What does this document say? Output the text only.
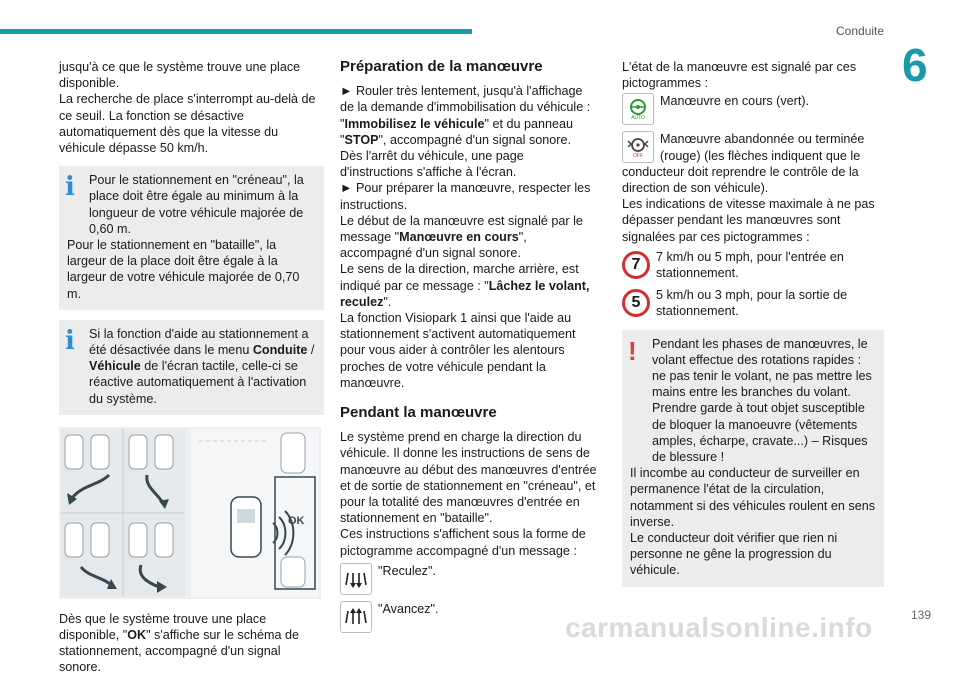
Conduite
6

jusqu'à ce que le système trouve une place disponible.

La recherche de place s'interrompt au-delà de ce seuil. La fonction se désactive automatiquement dès que la vitesse du véhicule dépasse 50 km/h.

i	Pour le stationnement en "créneau", la place doit être égale au minimum à la longueur de votre véhicule majorée de 0,60 m.

Pour le stationnement en "bataille", la largeur de la place doit être égale à la largeur de votre véhicule majorée de 0,70 m.

i	Si la fonction d'aide au stationnement a été désactivée dans le menu Conduite / Véhicule de l'écran tactile, celle-ci se réactive automatiquement à l'activation du système.

OK

Dès que le système trouve une place disponible, "OK" s'affiche sur le schéma de stationnement, accompagné d'un signal sonore.

Préparation de la manœuvre

► Rouler très lentement, jusqu'à l'affichage de la demande d'immobilisation du véhicule : "Immobilisez le véhicule" et du panneau "STOP", accompagné d'un signal sonore.

Dès l'arrêt du véhicule, une page d'instructions s'affiche à l'écran.

► Pour préparer la manœuvre, respecter les instructions.

Le début de la manœuvre est signalé par le message "Manœuvre en cours", accompagné d'un signal sonore.

Le sens de la direction, marche arrière, est indiqué par ce message : "Lâchez le volant, reculez".

La fonction Visiopark 1 ainsi que l'aide au stationnement s'activent automatiquement pour vous aider à contrôler les alentours proches de votre véhicule pendant la manœuvre.

Pendant la manœuvre

Le système prend en charge la direction du véhicule. Il donne les instructions de sens de manœuvre au début des manœuvres d'entrée et de sortie de stationnement en "créneau", et pour la totalité des manœuvres d'entrée en stationnement en "bataille".

Ces instructions s'affichent sous la forme de pictogramme accompagné d'un message :

"Reculez".
"Avancez".

L'état de la manœuvre est signalé par ces pictogrammes :

AUTO
Manœuvre en cours (vert).
OFF
Manœuvre abandonnée ou terminée (rouge) (les flèches indiquent que le

conducteur doit reprendre le contrôle de la direction de son véhicule).

Les indications de vitesse maximale à ne pas dépasser pendant les manœuvres sont signalées par ces pictogrammes :

7	7 km/h ou 5 mph, pour l'entrée en stationnement.
5	5 km/h ou 3 mph, pour la sortie de stationnement.
!	Pendant les phases de manœuvres, le volant effectue des rotations rapides : ne pas tenir le volant, ne pas mettre les mains entre les branches du volant. Prendre garde à tout objet susceptible de bloquer la manoeuvre (vêtements amples, écharpe, cravate...) – Risques de blessure !

Il incombe au conducteur de surveiller en permanence l'état de la circulation, notamment si des véhicules roulent en sens inverse.

Le conducteur doit vérifier que rien ni personne ne gêne la progression du véhicule.

139
carmanualsonline.info
